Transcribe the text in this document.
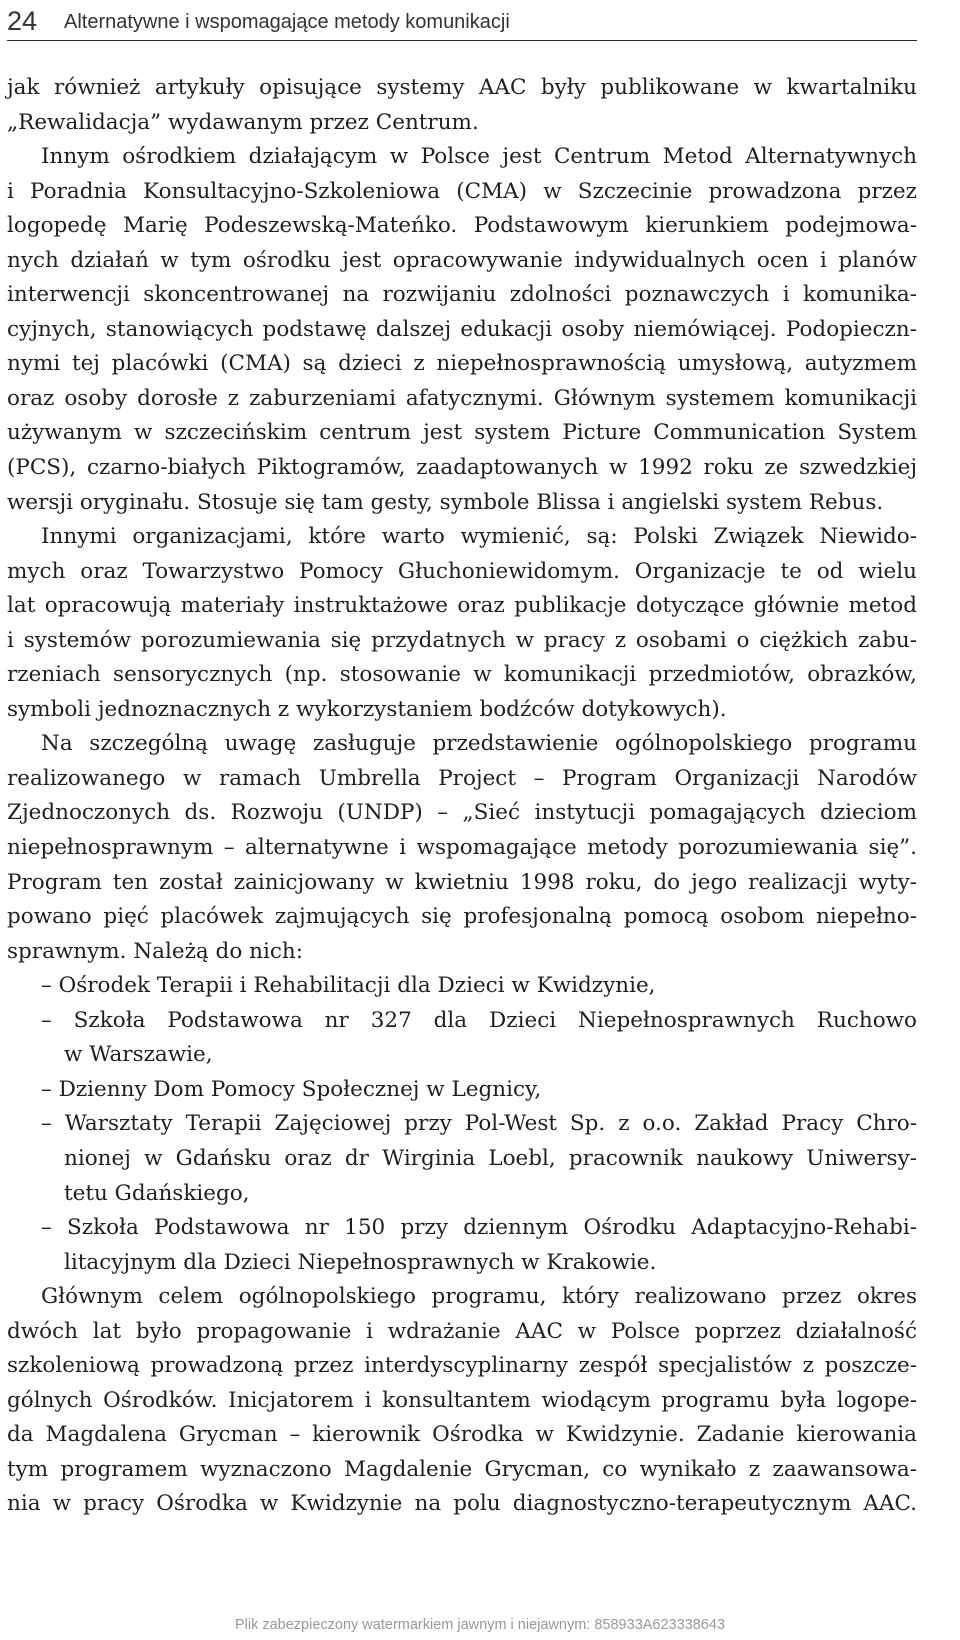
24 Alternatywne i wspomagające metody komunikacji
jak również artykuły opisujące systemy AAC były publikowane w kwartalniku
„Rewalidacja” wydawanym przez Centrum.
Innym ośrodkiem działającym w Polsce jest Centrum Metod Alternatywnych
i Poradnia Konsultacyjno-Szkoleniowa (CMA) w Szczecinie prowadzona przez
logopedę Marię Podeszewską-Mateńko. Podstawowym kierunkiem podejmowa-
nych działań w tym ośrodku jest opracowywanie indywidualnych ocen i planów
interwencji skoncentrowanej na rozwijaniu zdolności poznawczych i komunika-
cyjnych, stanowiących podstawę dalszej edukacji osoby niemówiącej. Podopieczn-
nymi tej placówki (CMA) są dzieci z niepełnosprawnością umysłową, autyzmem
oraz osoby dorosłe z zaburzeniami afatycznymi. Głównym systemem komunikacji
używanym w szczecińskim centrum jest system Picture Communication System
(PCS), czarno-białych Piktogramów, zaadaptowanych w 1992 roku ze szwedzkiej
wersji oryginału. Stosuje się tam gesty, symbole Blissa i angielski system Rebus.
Innymi organizacjami, które warto wymienić, są: Polski Związek Niewido-
mych oraz Towarzystwo Pomocy Głuchoniewidomym. Organizacje te od wielu
lat opracowują materiały instruktażowe oraz publikacje dotyczące głównie metod
i systemów porozumiewania się przydatnych w pracy z osobami o ciężkich zabu-
rzeniach sensorycznych (np. stosowanie w komunikacji przedmiotów, obrazków,
symboli jednoznacznych z wykorzystaniem bodźców dotykowych).
Na szczególną uwagę zasługuje przedstawienie ogólnopolskiego programu
realizowanego w ramach Umbrella Project – Program Organizacji Narodów
Zjednoczonych ds. Rozwoju (UNDP) – „Sieć instytucji pomagających dzieciom
niepełnosprawnym – alternatywne i wspomagające metody porozumiewania się”.
Program ten został zainicjowany w kwietniu 1998 roku, do jego realizacji wyty-
powano pięć placówek zajmujących się profesjonalną pomocą osobom niepełno-
sprawnym. Należą do nich:
– Ośrodek Terapii i Rehabilitacji dla Dzieci w Kwidzynie,
– Szkoła Podstawowa nr 327 dla Dzieci Niepełnosprawnych Ruchowo
w Warszawie,
– Dzienny Dom Pomocy Społecznej w Legnicy,
– Warsztaty Terapii Zajęciowej przy Pol-West Sp. z o.o. Zakład Pracy Chro-
nionej w Gdańsku oraz dr Wirginia Loebl, pracownik naukowy Uniwersy-
tetu Gdańskiego,
– Szkoła Podstawowa nr 150 przy dziennym Ośrodku Adaptacyjno-Rehabi-
litacyjnym dla Dzieci Niepełnosprawnych w Krakowie.
Głównym celem ogólnopolskiego programu, który realizowano przez okres
dwóch lat było propagowanie i wdrażanie AAC w Polsce poprzez działalność
szkoleniową prowadzoną przez interdyscyplinarny zespół specjalistów z poszcze-
gólnych Ośrodków. Inicjatorem i konsultantem wiodącym programu była logope-
da Magdalena Grycman – kierownik Ośrodka w Kwidzynie. Zadanie kierowania
tym programem wyznaczono Magdalenie Grycman, co wynikało z zaawansowa-
nia w pracy Ośrodka w Kwidzynie na polu diagnostyczno-terapeutycznym AAC.
Plik zabezpieczony watermarkiem jawnym i niejawnym: 858933A623338643
